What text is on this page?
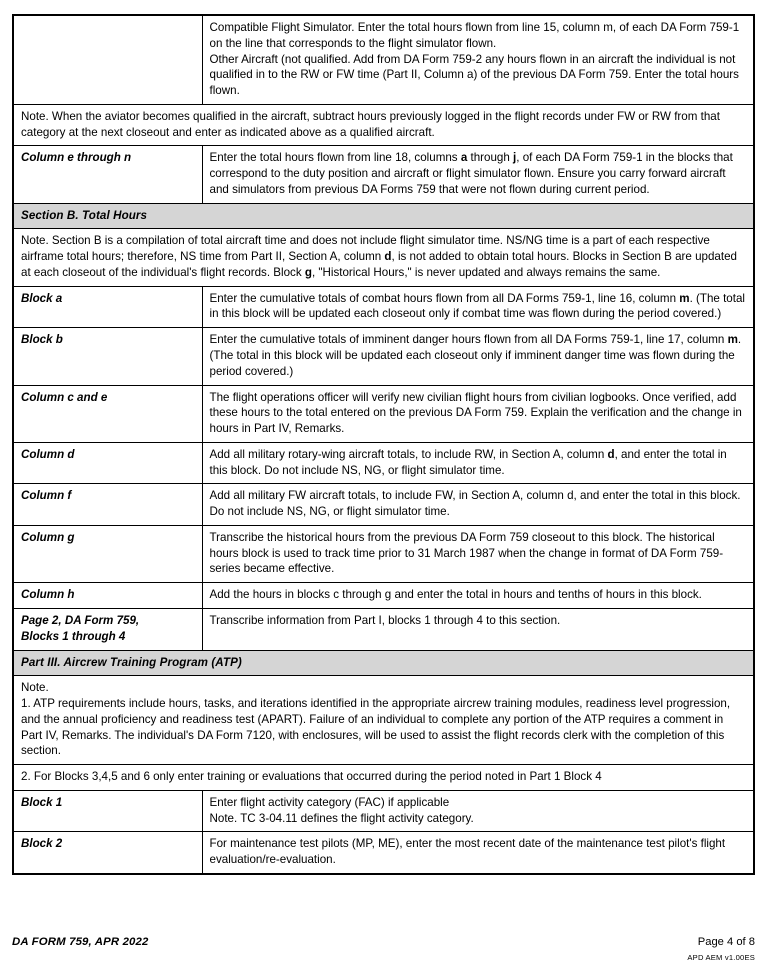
	Compatible Flight Simulator. Enter the total hours flown from line 15, column m, of each DA Form 759-1 on the line that corresponds to the flight simulator flown.

Other Aircraft (not qualified. Add from DA Form 759-2 any hours flown in an aircraft the individual is not qualified in to the RW or FW time (Part II, Column a) of the previous DA Form 759. Enter the total hours flown.

Note. When the aviator becomes qualified in the aircraft, subtract hours previously logged in the flight records under FW or RW from that category at the next closeout and enter as indicated above as a qualified aircraft.	
Column e through n	Enter the total hours flown from line 18, columns a through j, of each DA Form 759-1 in the blocks that correspond to the duty position and aircraft or flight simulator flown. Ensure you carry forward aircraft and simulators from previous DA Forms 759 that were not flown during current period.
Section B. Total Hours	
Note. Section B is a compilation of total aircraft time and does not include flight simulator time. NS/NG time is a part of each respective airframe total hours; therefore, NS time from Part II, Section A, column d, is not added to obtain total hours. Blocks in Section B are updated at each closeout of the individual's flight records. Block g, "Historical Hours," is never updated and always remains the same.	
Block a	Enter the cumulative totals of combat hours flown from all DA Forms 759-1, line 16, column m. (The total in this block will be updated each closeout only if combat time was flown during the period covered.)
Block b	Enter the cumulative totals of imminent danger hours flown from all DA Forms 759-1, line 17, column m. (The total in this block will be updated each closeout only if imminent danger time was flown during the period covered.)
Column c and e	The flight operations officer will verify new civilian flight hours from civilian logbooks. Once verified, add these hours to the total entered on the previous DA Form 759. Explain the verification and the change in hours in Part IV, Remarks.
Column d	Add all military rotary-wing aircraft totals, to include RW, in Section A, column d, and enter the total in this block. Do not include NS, NG, or flight simulator time.
Column f	Add all military FW aircraft totals, to include FW, in Section A, column d, and enter the total in this block. Do not include NS, NG, or flight simulator time.
Column g	Transcribe the historical hours from the previous DA Form 759 closeout to this block. The historical hours block is used to track time prior to 31 March 1987 when the change in format of DA Form 759-series became effective.
Column h	Add the hours in blocks c through g and enter the total in hours and tenths of hours in this block.

Page 2, DA Form 759,
Blocks 1 through 4	Transcribe information from Part I, blocks 1 through 4 to this section.
Part III. Aircrew Training Program (ATP)	

Note.

1. ATP requirements include hours, tasks, and iterations identified in the appropriate aircrew training modules, readiness level progression, and the annual proficiency and readiness test (APART). Failure of an individual to complete any portion of the ATP requires a comment in Part IV, Remarks. The individual's DA Form 7120, with enclosures, will be used to assist the flight records clerk with the completion of this section.	

2. For Blocks 3,4,5 and 6 only enter training or evaluations that occurred during the period noted in Part 1 Block 4	

Block 1	Enter flight activity category (FAC) if applicable
Note. TC 3-04.11 defines the flight activity category.

Block 2	For maintenance test pilots (MP, ME), enter the most recent date of the maintenance test pilot's flight evaluation/re-evaluation.
DA FORM 759, APR 2022	Page 4 of 8
APD AEM v1.00ES
